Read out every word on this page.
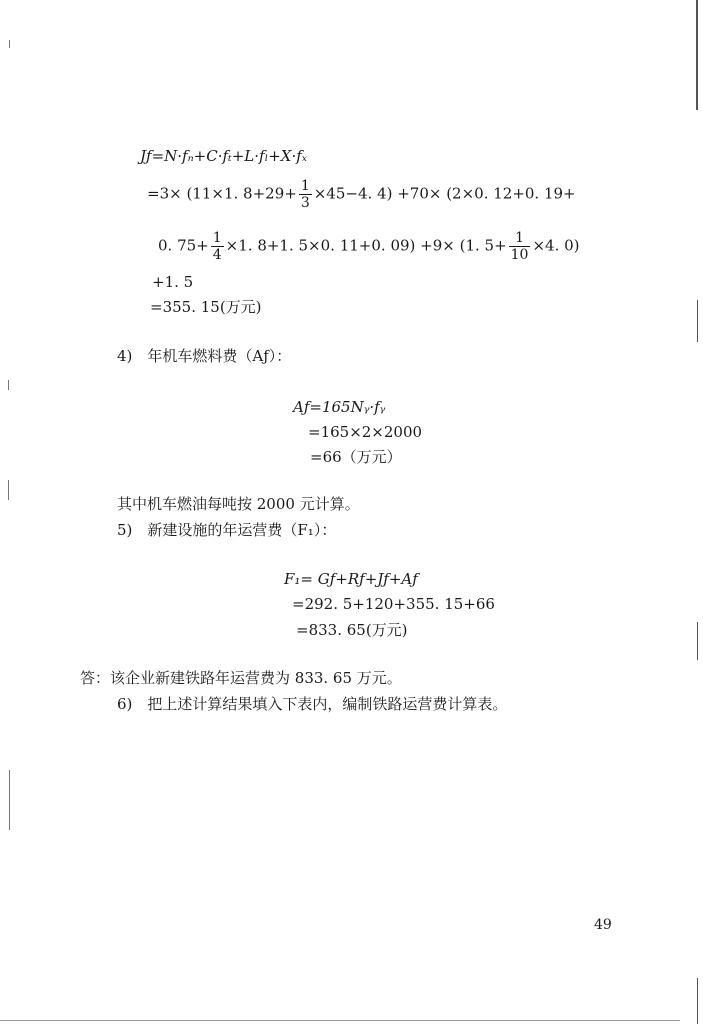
Jƒ=N·fₙ+C·fₜ+L·fₗ+X·fₓ
=3× (11×1. $8+29+ \frac{1}{3} \times 45-4$. 4) +70× (2×0. 12+0. 19+
0. $75+ \frac{1}{4} \times 1$. 8+1. 5×0. 11+0. 09) +9× (1. $5+ \frac{1}{10} \times 4$. 0)
+1. 5
=355. 15(万元)
4)　年机车燃料费（Aƒ）：
Aƒ=165Nᵧ·fᵧ
=165×2×2000
=66（万元）
其中机车燃油每吨按 2000 元计算。
5)　新建设施的年运营费（F₁）：
F₁= Gƒ+Rƒ+Jƒ+Aƒ
=292. 5+120+355. 15+66
=833. 65(万元)
答：该企业新建铁路年运营费为 833. 65 万元。
6)　把上述计算结果填入下表内，编制铁路运营费计算表。
49
